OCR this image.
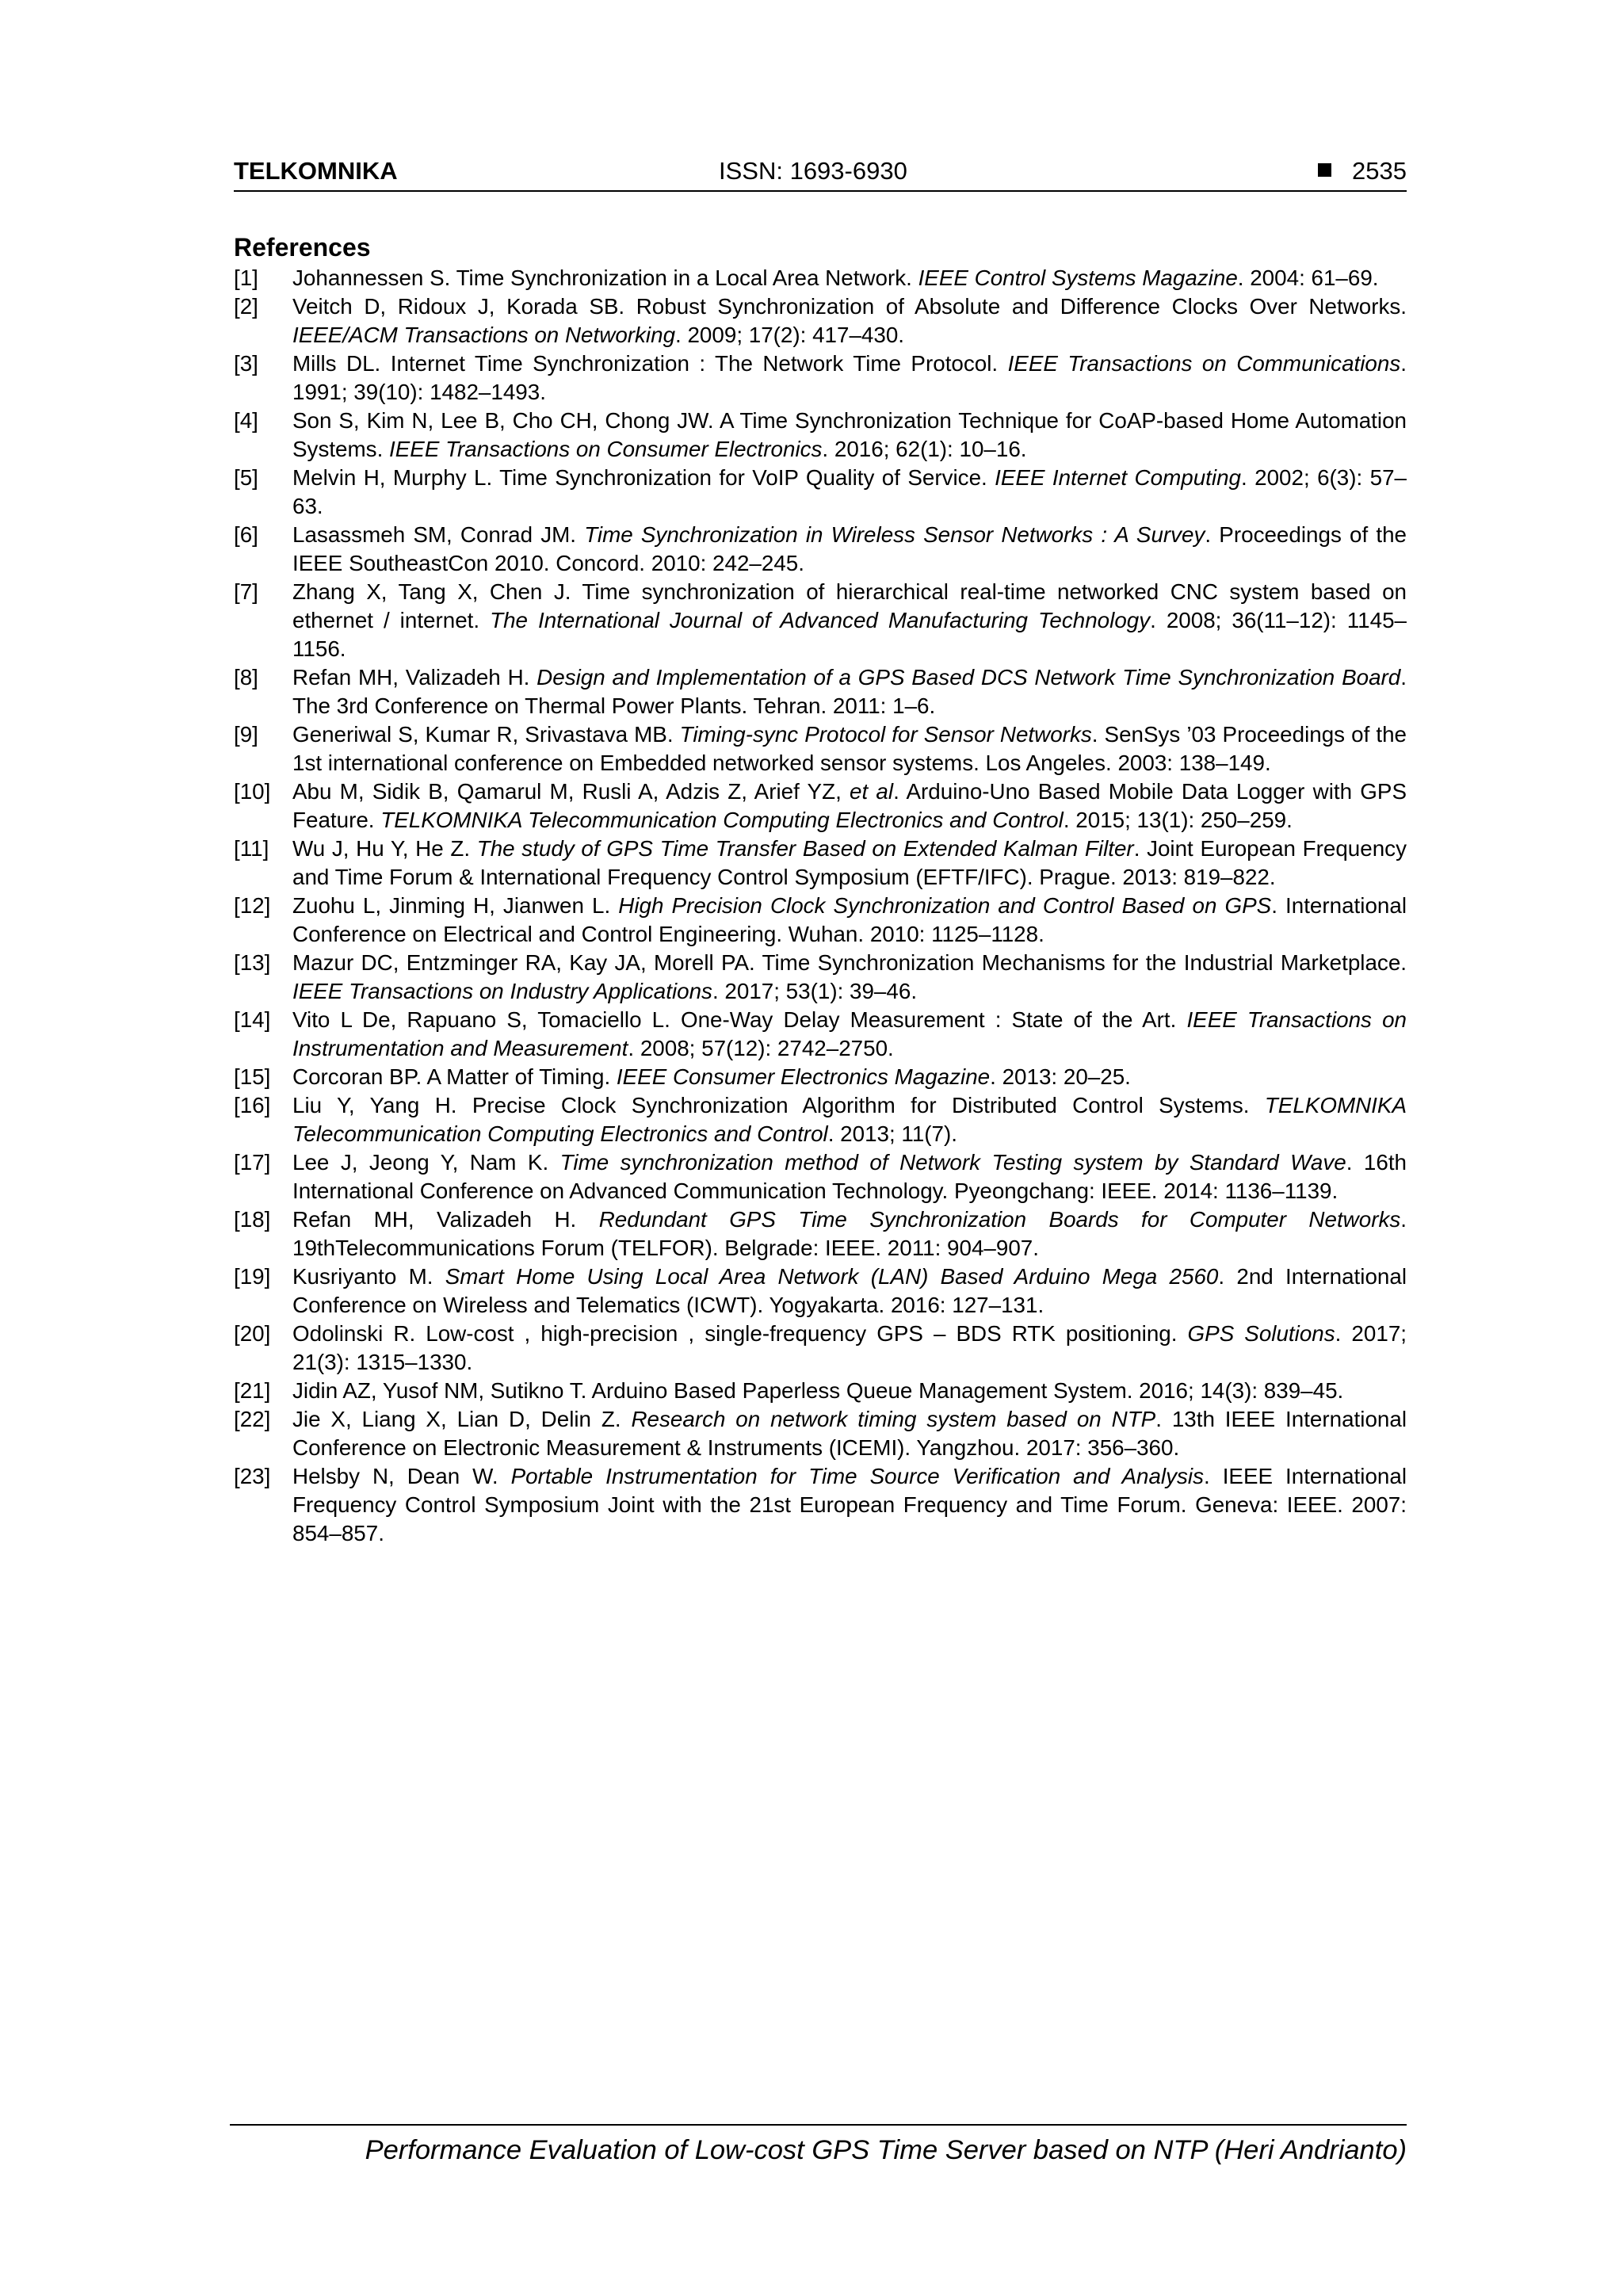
TELKOMNIKA	ISSN: 1693-6930	2535
References
[1] Johannessen S. Time Synchronization in a Local Area Network. IEEE Control Systems Magazine. 2004: 61–69.
[2] Veitch D, Ridoux J, Korada SB. Robust Synchronization of Absolute and Difference Clocks Over Networks. IEEE/ACM Transactions on Networking. 2009; 17(2): 417–430.
[3] Mills DL. Internet Time Synchronization : The Network Time Protocol. IEEE Transactions on Communications. 1991; 39(10): 1482–1493.
[4] Son S, Kim N, Lee B, Cho CH, Chong JW. A Time Synchronization Technique for CoAP-based Home Automation Systems. IEEE Transactions on Consumer Electronics. 2016; 62(1): 10–16.
[5] Melvin H, Murphy L. Time Synchronization for VoIP Quality of Service. IEEE Internet Computing. 2002; 6(3): 57–63.
[6] Lasassmeh SM, Conrad JM. Time Synchronization in Wireless Sensor Networks : A Survey. Proceedings of the IEEE SoutheastCon 2010. Concord. 2010: 242–245.
[7] Zhang X, Tang X, Chen J. Time synchronization of hierarchical real-time networked CNC system based on ethernet / internet. The International Journal of Advanced Manufacturing Technology. 2008; 36(11–12): 1145–1156.
[8] Refan MH, Valizadeh H. Design and Implementation of a GPS Based DCS Network Time Synchronization Board. The 3rd Conference on Thermal Power Plants. Tehran. 2011: 1–6.
[9] Generiwal S, Kumar R, Srivastava MB. Timing-sync Protocol for Sensor Networks. SenSys ’03 Proceedings of the 1st international conference on Embedded networked sensor systems. Los Angeles. 2003: 138–149.
[10] Abu M, Sidik B, Qamarul M, Rusli A, Adzis Z, Arief YZ, et al. Arduino-Uno Based Mobile Data Logger with GPS Feature. TELKOMNIKA Telecommunication Computing Electronics and Control. 2015; 13(1): 250–259.
[11] Wu J, Hu Y, He Z. The study of GPS Time Transfer Based on Extended Kalman Filter. Joint European Frequency and Time Forum & International Frequency Control Symposium (EFTF/IFC). Prague. 2013: 819–822.
[12] Zuohu L, Jinming H, Jianwen L. High Precision Clock Synchronization and Control Based on GPS. International Conference on Electrical and Control Engineering. Wuhan. 2010: 1125–1128.
[13] Mazur DC, Entzminger RA, Kay JA, Morell PA. Time Synchronization Mechanisms for the Industrial Marketplace. IEEE Transactions on Industry Applications. 2017; 53(1): 39–46.
[14] Vito L De, Rapuano S, Tomaciello L. One-Way Delay Measurement : State of the Art. IEEE Transactions on Instrumentation and Measurement. 2008; 57(12): 2742–2750.
[15] Corcoran BP. A Matter of Timing. IEEE Consumer Electronics Magazine. 2013: 20–25.
[16] Liu Y, Yang H. Precise Clock Synchronization Algorithm for Distributed Control Systems. TELKOMNIKA Telecommunication Computing Electronics and Control. 2013; 11(7).
[17] Lee J, Jeong Y, Nam K. Time synchronization method of Network Testing system by Standard Wave. 16th International Conference on Advanced Communication Technology. Pyeongchang: IEEE. 2014: 1136–1139.
[18] Refan MH, Valizadeh H. Redundant GPS Time Synchronization Boards for Computer Networks. 19thTelecommunications Forum (TELFOR). Belgrade: IEEE. 2011: 904–907.
[19] Kusriyanto M. Smart Home Using Local Area Network (LAN) Based Arduino Mega 2560. 2nd International Conference on Wireless and Telematics (ICWT). Yogyakarta. 2016: 127–131.
[20] Odolinski R. Low-cost , high-precision , single-frequency GPS – BDS RTK positioning. GPS Solutions. 2017; 21(3): 1315–1330.
[21] Jidin AZ, Yusof NM, Sutikno T. Arduino Based Paperless Queue Management System. 2016; 14(3): 839–45.
[22] Jie X, Liang X, Lian D, Delin Z. Research on network timing system based on NTP. 13th IEEE International Conference on Electronic Measurement & Instruments (ICEMI). Yangzhou. 2017: 356–360.
[23] Helsby N, Dean W. Portable Instrumentation for Time Source Verification and Analysis. IEEE International Frequency Control Symposium Joint with the 21st European Frequency and Time Forum. Geneva: IEEE. 2007: 854–857.
Performance Evaluation of Low-cost GPS Time Server based on NTP (Heri Andrianto)
